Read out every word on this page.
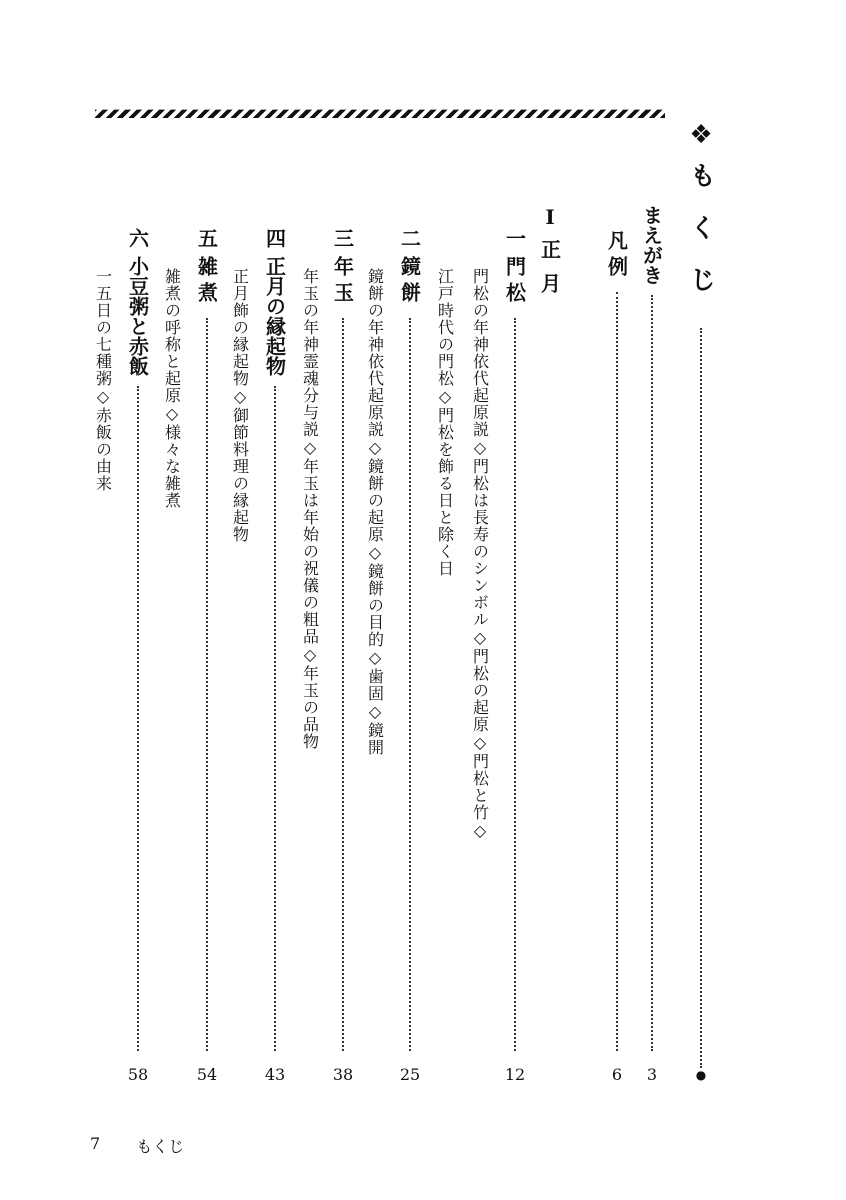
❖
もくじ
●
まえがき
3
凡例
6
I
正月
一
門松
12
門松の年神依代起原説◇門松は長寿のシンボル◇門松の起原◇門松と竹◇
江戸時代の門松◇門松を飾る日と除く日
二
鏡餅
25
鏡餅の年神依代起原説◇鏡餅の起原◇鏡餅の目的◇歯固◇鏡開
三
年玉
38
年玉の年神霊魂分与説◇年玉は年始の祝儀の粗品◇年玉の品物
四
正月の縁起物
43
正月飾の縁起物◇御節料理の縁起物
五
雑煮
54
雑煮の呼称と起原◇様々な雑煮
六
小豆粥と赤飯
58
一五日の七種粥◇赤飯の由来
7 もくじ
